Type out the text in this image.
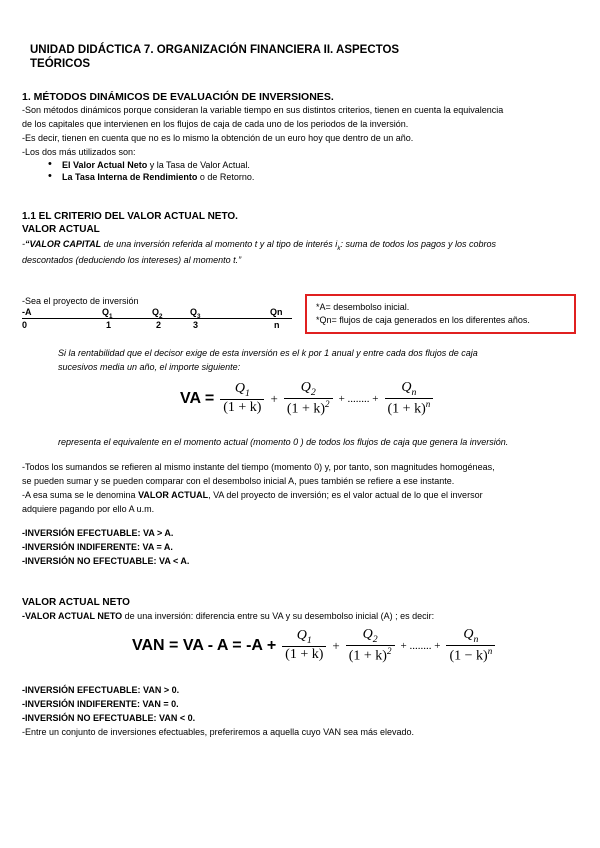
UNIDAD DIDÁCTICA 7. ORGANIZACIÓN FINANCIERA II. ASPECTOS
TEÓRICOS
1. MÉTODOS DINÁMICOS DE EVALUACIÓN DE INVERSIONES.
-Son métodos dinámicos porque consideran la variable tiempo en sus distintos criterios, tienen en cuenta la equivalencia
de los capitales que intervienen en los flujos de caja de cada uno de los periodos de la inversión.
-Es decir, tienen en cuenta que no es lo mismo la obtención de un euro hoy que dentro de un año.
-Los dos más utilizados son:
• El Valor Actual Neto y la Tasa de Valor Actual.
• La Tasa Interna de Rendimiento o de Retorno.
1.1 EL CRITERIO DEL VALOR ACTUAL NETO.
VALOR ACTUAL
-“VALOR CAPITAL de una inversión referida al momento t y al tipo de interés $i_k$: suma de todos los pagos y los cobros
descontados (deduciendo los intereses) al momento t.”
-Sea el proyecto de inversión
-A	$Q_1$	$Q_2$	$Q_3$	Qn
0	1	2	3	n
*A= desembolso inicial.
*Qn= flujos de caja generados en los diferentes años.
Si la rentabilidad que el decisor exige de esta inversión es el k por 1 anual y entre cada dos flujos de caja
sucesivos media un año, el importe siguiente:
VA = $\frac{Q_1}{(1 + k)} + \frac{Q_2}{(1 + k)^2}$ + ........ + $\frac{Q_n}{(1 + k)^n}$
representa el equivalente en el momento actual (momento 0 ) de todos los flujos de caja que genera la inversión.
-Todos los sumandos se refieren al mismo instante del tiempo (momento 0) y, por tanto, son magnitudes homogéneas,
se pueden sumar y se pueden comparar con el desembolso inicial A, pues también se refiere a ese instante.
-A esa suma se le denomina VALOR ACTUAL, VA del proyecto de inversión; es el valor actual de lo que el inversor
adquiere pagando por ello A u.m.
-INVERSIÓN EFECTUABLE: VA > A.
-INVERSIÓN INDIFERENTE: VA = A.
-INVERSIÓN NO EFECTUABLE: VA < A.
VALOR ACTUAL NETO
-VALOR ACTUAL NETO de una inversión: diferencia entre su VA y su desembolso inicial (A) ; es decir:
VAN = VA - $A = -A + \frac{Q_1}{(1 + k)} + \frac{Q_2}{(1 + k)^2}$ + ........ + $\frac{Q_n}{(1 - k)^n}$
-INVERSIÓN EFECTUABLE: VAN > 0.
-INVERSIÓN INDIFERENTE: VAN = 0.
-INVERSIÓN NO EFECTUABLE: VAN < 0.
-Entre un conjunto de inversiones efectuables, preferiremos a aquella cuyo VAN sea más elevado.
